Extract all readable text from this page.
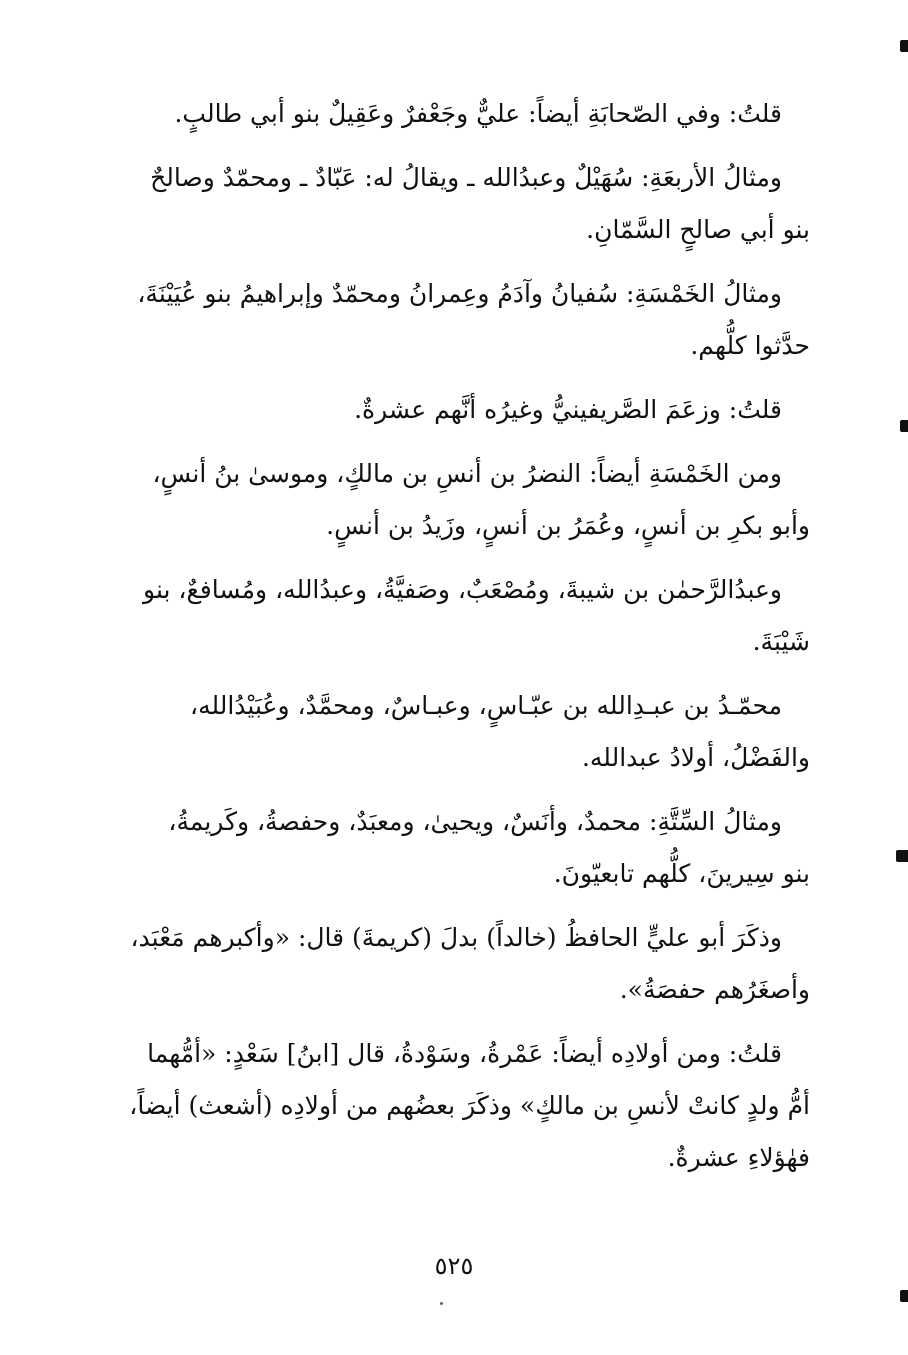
قلتُ: وفي الصّحابَةِ أيضاً: عليٌّ وجَعْفرٌ وعَقِيلٌ بنو أبي طالبٍ.

ومثالُ الأربعَةِ: سُهَيْلٌ وعبدُالله ـ ويقالُ له: عَبّادٌ ـ ومحمّدٌ وصالحٌ
بنو أبي صالحٍ السَّمّانِ.

ومثالُ الخَمْسَةِ: سُفيانُ وآدَمُ وعِمرانُ ومحمّدٌ وإبراهيمُ بنو عُيَيْنَةَ،
حدَّثوا كلُّهم.

قلتُ: وزعَمَ الصَّريفينيُّ وغيرُه أنَّهم عشرةٌ.

ومن الخَمْسَةِ أيضاً: النضرُ بن أنسِ بن مالكٍ، وموسىٰ بنُ أنسٍ،
وأبو بكرِ بن أنسٍ، وعُمَرُ بن أنسٍ، وزَيدُ بن أنسٍ.

وعبدُالرَّحمٰن بن شيبةَ، ومُصْعَبٌ، وصَفيَّةُ، وعبدُالله، ومُسافعٌ، بنو
شَيْبَةَ.

محمّـدُ بن عبـدِالله بن عبّـاسٍ، وعبـاسٌ، ومحمَّدٌ، وعُبَيْدُالله،
والفَضْلُ، أولادُ عبدالله.

ومثالُ السِّتَّةِ: محمدٌ، وأنَسٌ، ويحيىٰ، ومعبَدٌ، وحفصةُ، وكَريمةُ،
بنو سِيرينَ، كلُّهم تابعيّونَ.

وذكَرَ أبو عليٍّ الحافظُ (خالداً) بدلَ (كريمةَ) قال: «وأكبرهم مَعْبَد،
وأصغَرُهم حفصَةُ».

قلتُ: ومن أولادِه أيضاً: عَمْرةُ، وسَوْدةُ، قال [ابنُ] سَعْدٍ: «أمُّهما
أمُّ ولدٍ كانتْ لأنسِ بن مالكٍ» وذكَرَ بعضُهم من أولادِه (أشعث) أيضاً،
فهٰؤلاءِ عشرةٌ.

٥٢٥
